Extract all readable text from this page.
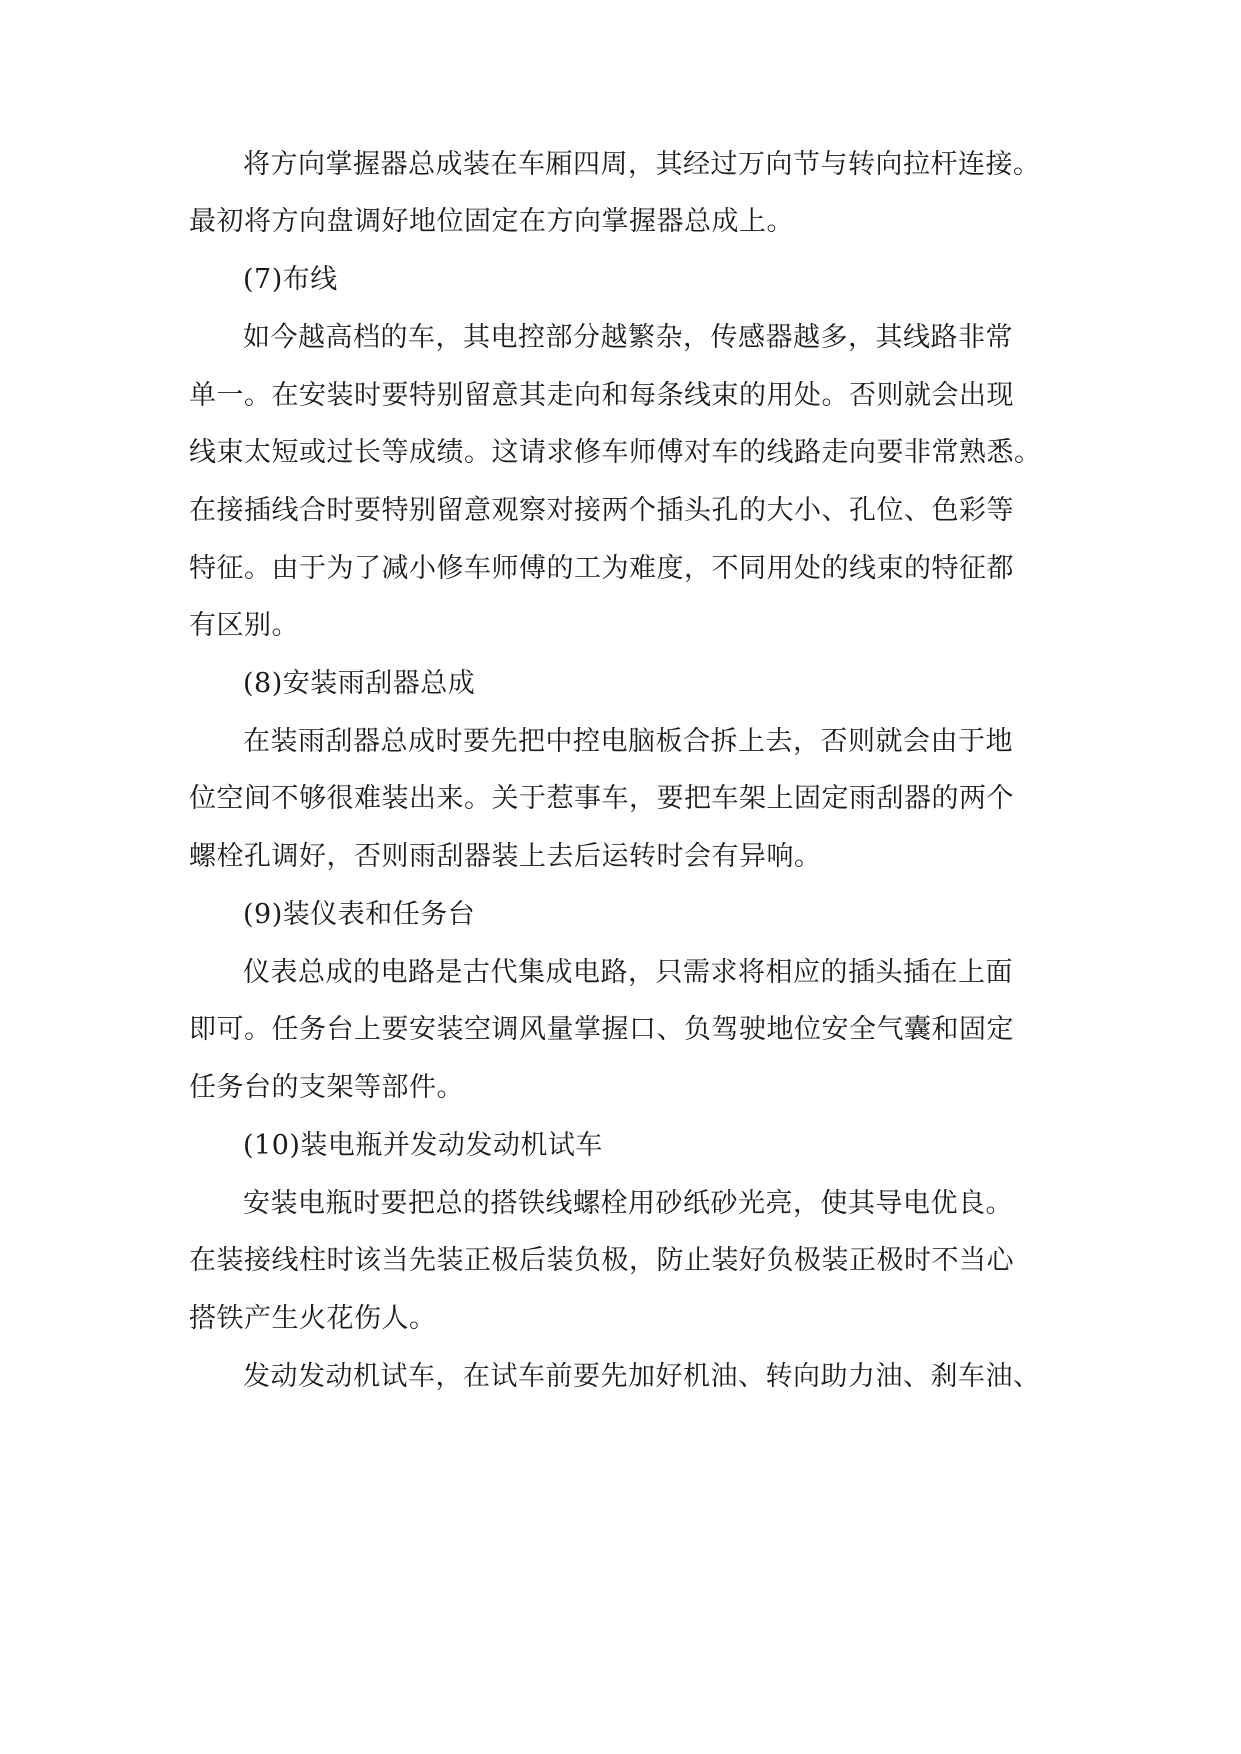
将方向掌握器总成装在车厢四周，其经过万向节与转向拉杆连接。
最初将方向盘调好地位固定在方向掌握器总成上。
(7)布线
如今越高档的车，其电控部分越繁杂，传感器越多，其线路非常
单一。在安装时要特别留意其走向和每条线束的用处。否则就会出现
线束太短或过长等成绩。这请求修车师傅对车的线路走向要非常熟悉。
在接插线合时要特别留意观察对接两个插头孔的大小、孔位、色彩等
特征。由于为了减小修车师傅的工为难度，不同用处的线束的特征都
有区别。
(8)安装雨刮器总成
在装雨刮器总成时要先把中控电脑板合拆上去，否则就会由于地
位空间不够很难装出来。关于惹事车，要把车架上固定雨刮器的两个
螺栓孔调好，否则雨刮器装上去后运转时会有异响。
(9)装仪表和任务台
仪表总成的电路是古代集成电路，只需求将相应的插头插在上面
即可。任务台上要安装空调风量掌握口、负驾驶地位安全气囊和固定
任务台的支架等部件。
(10)装电瓶并发动发动机试车
安装电瓶时要把总的搭铁线螺栓用砂纸砂光亮，使其导电优良。
在装接线柱时该当先装正极后装负极，防止装好负极装正极时不当心
搭铁产生火花伤人。
发动发动机试车，在试车前要先加好机油、转向助力油、刹车油、
